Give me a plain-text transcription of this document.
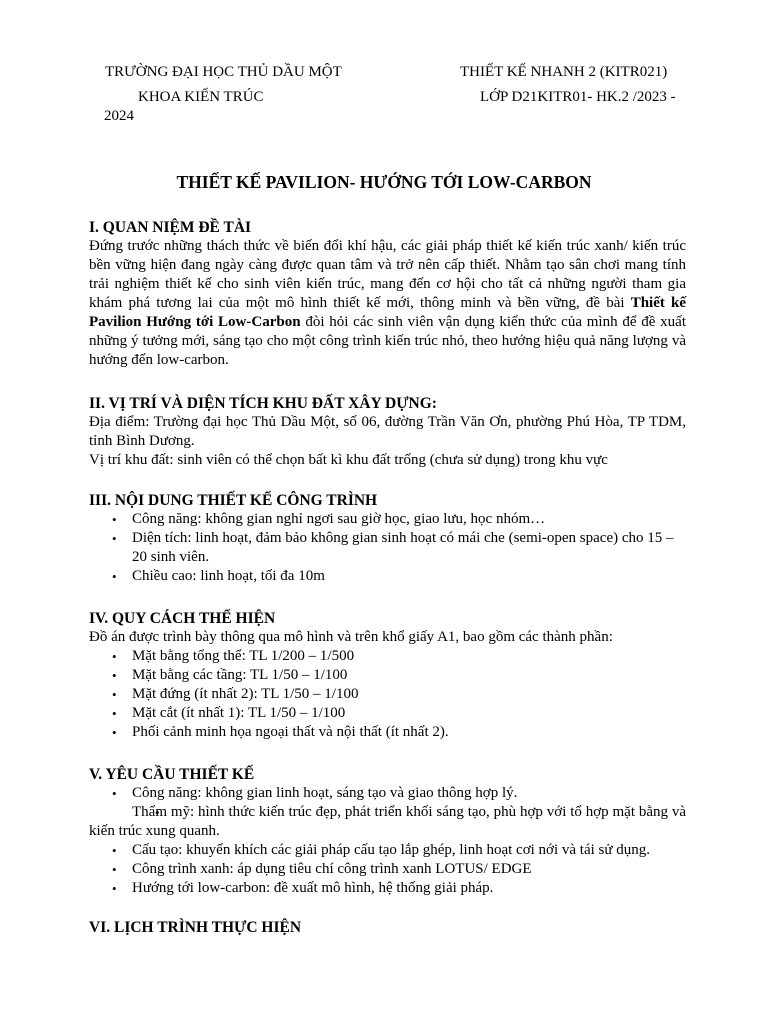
TRƯỜNG ĐẠI HỌC THỦ DẦU MỘT
KHOA KIẾN TRÚC
THIẾT KẾ NHANH 2 (KITR021)
LỚP D21KITR01- HK.2 /2023 -
2024
THIẾT KẾ PAVILION- HƯỚNG TỚI LOW-CARBON
I. QUAN NIỆM ĐỀ TÀI

Đứng trước những thách thức về biến đổi khí hậu, các giải pháp thiết kế kiến trúc xanh/ kiến trúc bền vững hiện đang ngày càng được quan tâm và trở nên cấp thiết. Nhằm tạo sân chơi mang tính trải nghiệm thiết kế cho sinh viên kiến trúc, mang đến cơ hội cho tất cả những người tham gia khám phá tương lai của một mô hình thiết kế mới, thông minh và bền vững, đề bài Thiết kế Pavilion Hướng tới Low-Carbon đòi hỏi các sinh viên vận dụng kiến thức của mình để đề xuất những ý tưởng mới, sáng tạo cho một công trình kiến trúc nhỏ, theo hướng hiệu quả năng lượng và hướng đến low-carbon.

II. VỊ TRÍ VÀ DIỆN TÍCH KHU ĐẤT XÂY DỰNG:

Địa điểm: Trường đại học Thủ Dầu Một, số 06, đường Trần Văn Ơn, phường Phú Hòa, TP TDM, tỉnh Bình Dương.

Vị trí khu đất: sinh viên có thể chọn bất kì khu đất trống (chưa sử dụng) trong khu vực

III. NỘI DUNG THIẾT KẾ CÔNG TRÌNH
• Công năng: không gian nghỉ ngơi sau giờ học, giao lưu, học nhóm…
• Diện tích: linh hoạt, đảm bảo không gian sinh hoạt có mái che (semi-open space) cho 15 – 20 sinh viên.
• Chiều cao: linh hoạt, tối đa 10m
IV. QUY CÁCH THỂ HIỆN

Đồ án được trình bày thông qua mô hình và trên khổ giấy A1, bao gồm các thành phần:

• Mặt bằng tổng thể: TL 1/200 – 1/500
• Mặt bằng các tầng: TL 1/50 – 1/100
• Mặt đứng (ít nhất 2): TL 1/50 – 1/100
• Mặt cắt (ít nhất 1): TL 1/50 – 1/100
• Phối cảnh minh họa ngoại thất và nội thất (ít nhất 2).
V. YÊU CẦU THIẾT KẾ
• Công năng: không gian linh hoạt, sáng tạo và giao thông hợp lý.
• Thẩm mỹ: hình thức kiến trúc đẹp, phát triển khối sáng tạo, phù hợp với tổ hợp mặt bằng và kiến trúc xung quanh.
• Cấu tạo: khuyến khích các giải pháp cấu tạo lắp ghép, linh hoạt cơi nới và tái sử dụng.
• Công trình xanh: áp dụng tiêu chí công trình xanh LOTUS/ EDGE
• Hướng tới low-carbon: đề xuất mô hình, hệ thống giải pháp.
VI. LỊCH TRÌNH THỰC HIỆN
